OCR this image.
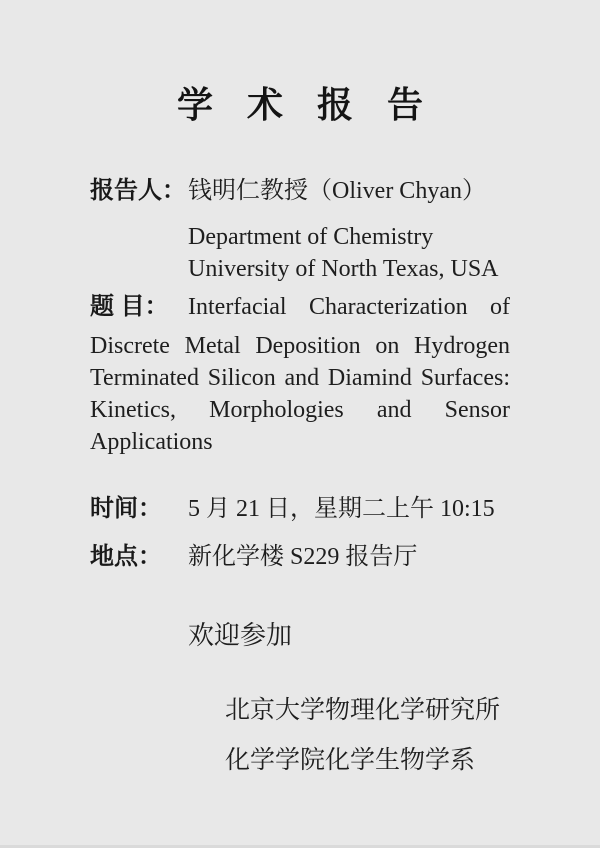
学术报告
报告人： 钱明仁教授（Oliver Chyan）
Department of Chemistry
University of North Texas, USA
题 目： Interfacial Characterization of
Discrete Metal Deposition on Hydrogen
Terminated Silicon and Diamind Surfaces:
Kinetics, Morphologies and Sensor
Applications
时间：	5 月 21 日，星期二上午 10:15
地点：	新化学楼 S229 报告厅
欢迎参加
北京大学物理化学研究所
化学学院化学生物学系
